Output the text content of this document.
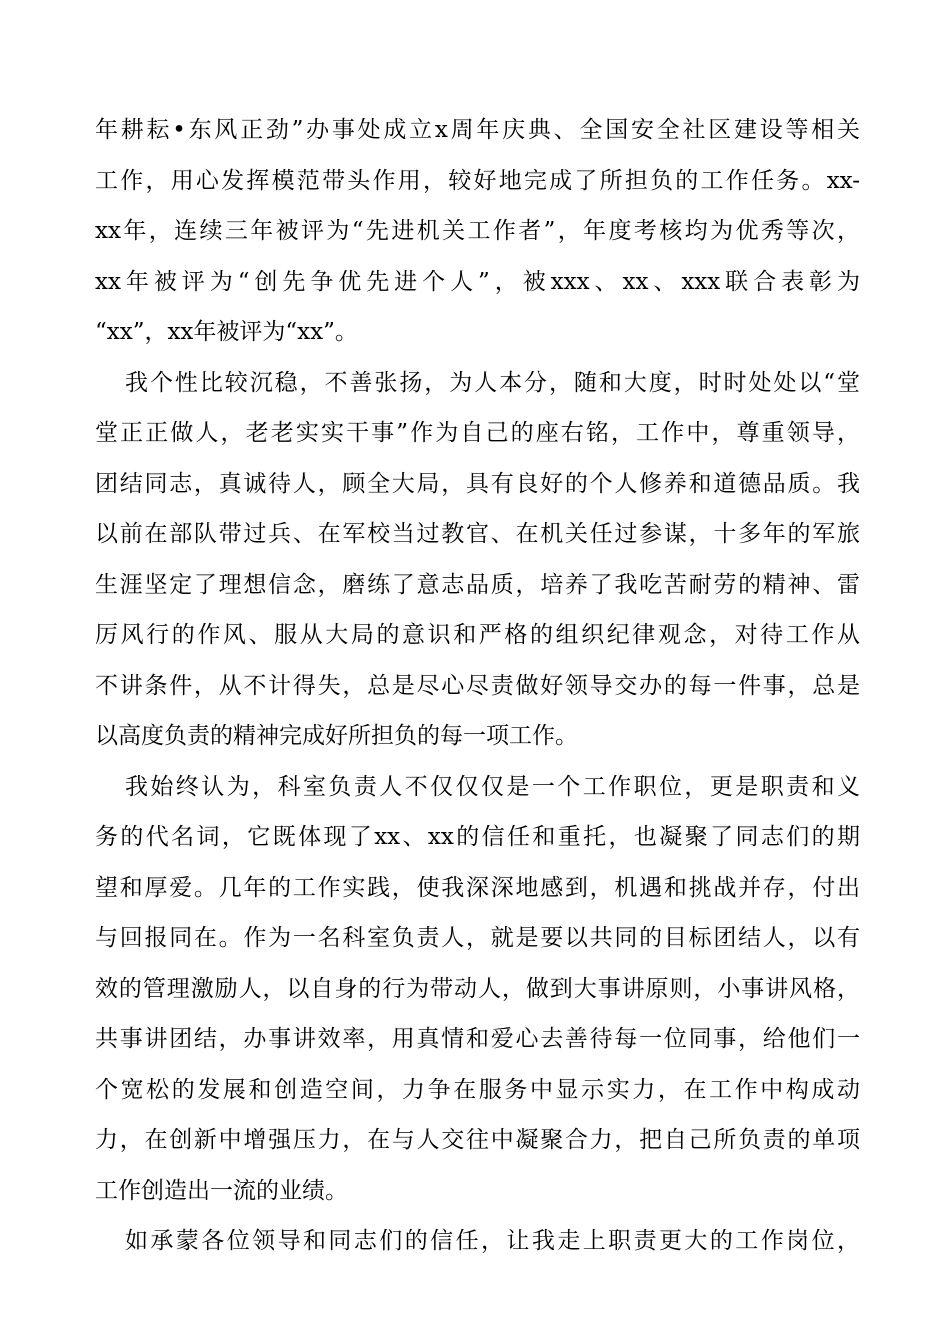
年耕耘•东风正劲”办事处成立x周年庆典、全国安全社区建设等相关
工作，用心发挥模范带头作用，较好地完成了所担负的工作任务。xx-
xx年，连续三年被评为“先进机关工作者”，年度考核均为优秀等次，
xx年被评为“创先争优先进个人”，被xxx、xx、xxx联合表彰为
“xx”，xx年被评为“xx”。
我个性比较沉稳，不善张扬，为人本分，随和大度，时时处处以“堂
堂正正做人，老老实实干事”作为自己的座右铭，工作中，尊重领导，
团结同志，真诚待人，顾全大局，具有良好的个人修养和道德品质。我
以前在部队带过兵、在军校当过教官、在机关任过参谋，十多年的军旅
生涯坚定了理想信念，磨练了意志品质，培养了我吃苦耐劳的精神、雷
厉风行的作风、服从大局的意识和严格的组织纪律观念，对待工作从
不讲条件，从不计得失，总是尽心尽责做好领导交办的每一件事，总是
以高度负责的精神完成好所担负的每一项工作。
我始终认为，科室负责人不仅仅仅是一个工作职位，更是职责和义
务的代名词，它既体现了xx、xx的信任和重托，也凝聚了同志们的期
望和厚爱。几年的工作实践，使我深深地感到，机遇和挑战并存，付出
与回报同在。作为一名科室负责人，就是要以共同的目标团结人，以有
效的管理激励人，以自身的行为带动人，做到大事讲原则，小事讲风格，
共事讲团结，办事讲效率，用真情和爱心去善待每一位同事，给他们一
个宽松的发展和创造空间，力争在服务中显示实力，在工作中构成动
力，在创新中增强压力，在与人交往中凝聚合力，把自己所负责的单项
工作创造出一流的业绩。
如承蒙各位领导和同志们的信任，让我走上职责更大的工作岗位，
